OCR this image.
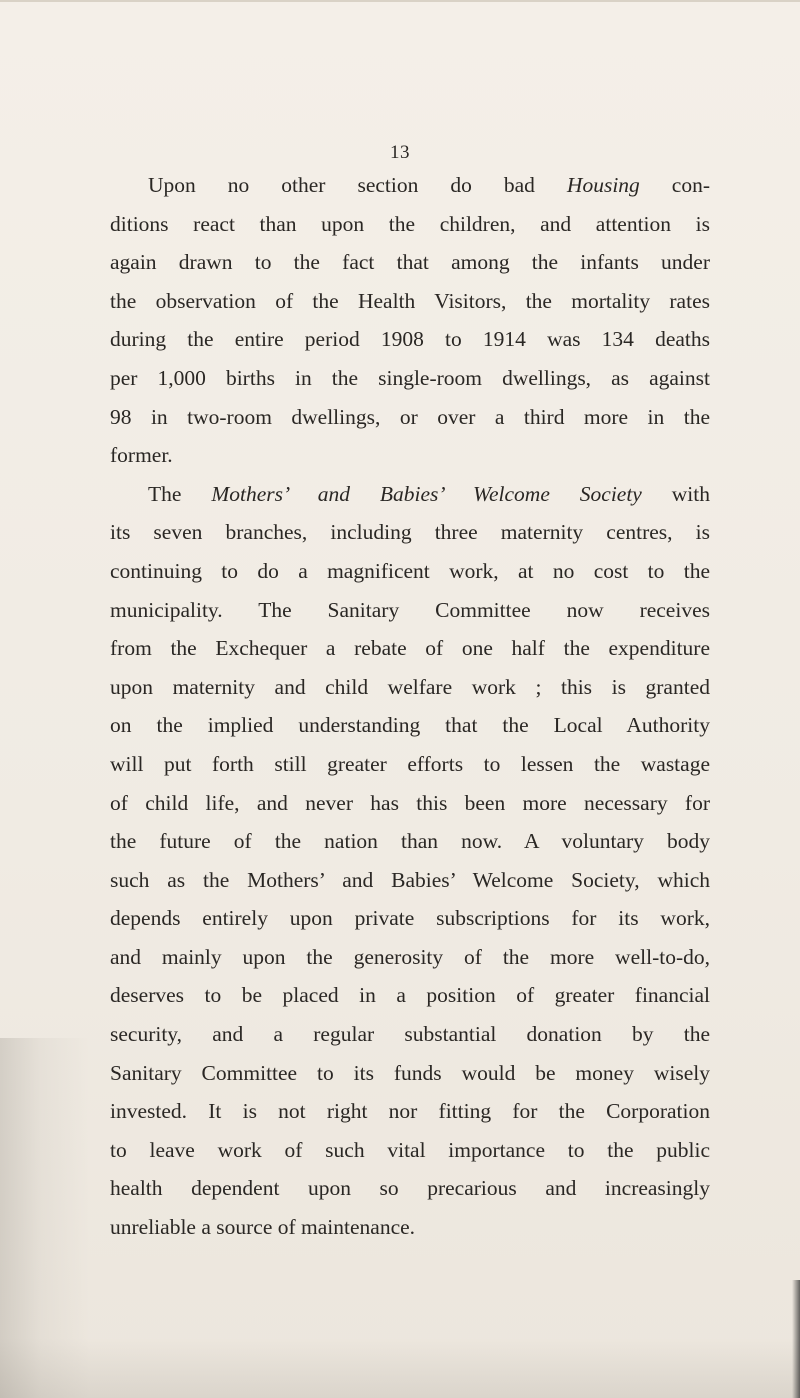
13
Upon no other section do bad Housing con-
ditions react than upon the children, and attention is
again drawn to the fact that among the infants under
the observation of the Health Visitors, the mortality rates
during the entire period 1908 to 1914 was 134 deaths
per 1,000 births in the single-room dwellings, as against
98 in two-room dwellings, or over a third more in the
former.
The Mothers’ and Babies’ Welcome Society with
its seven branches, including three maternity centres, is
continuing to do a magnificent work, at no cost to the
municipality. The Sanitary Committee now receives
from the Exchequer a rebate of one half the expenditure
upon maternity and child welfare work ; this is granted
on the implied understanding that the Local Authority
will put forth still greater efforts to lessen the wastage
of child life, and never has this been more necessary for
the future of the nation than now. A voluntary body
such as the Mothers’ and Babies’ Welcome Society, which
depends entirely upon private subscriptions for its work,
and mainly upon the generosity of the more well-to-do,
deserves to be placed in a position of greater financial
security, and a regular substantial donation by the
Sanitary Committee to its funds would be money wisely
invested. It is not right nor fitting for the Corporation
to leave work of such vital importance to the public
health dependent upon so precarious and increasingly
unreliable a source of maintenance.
